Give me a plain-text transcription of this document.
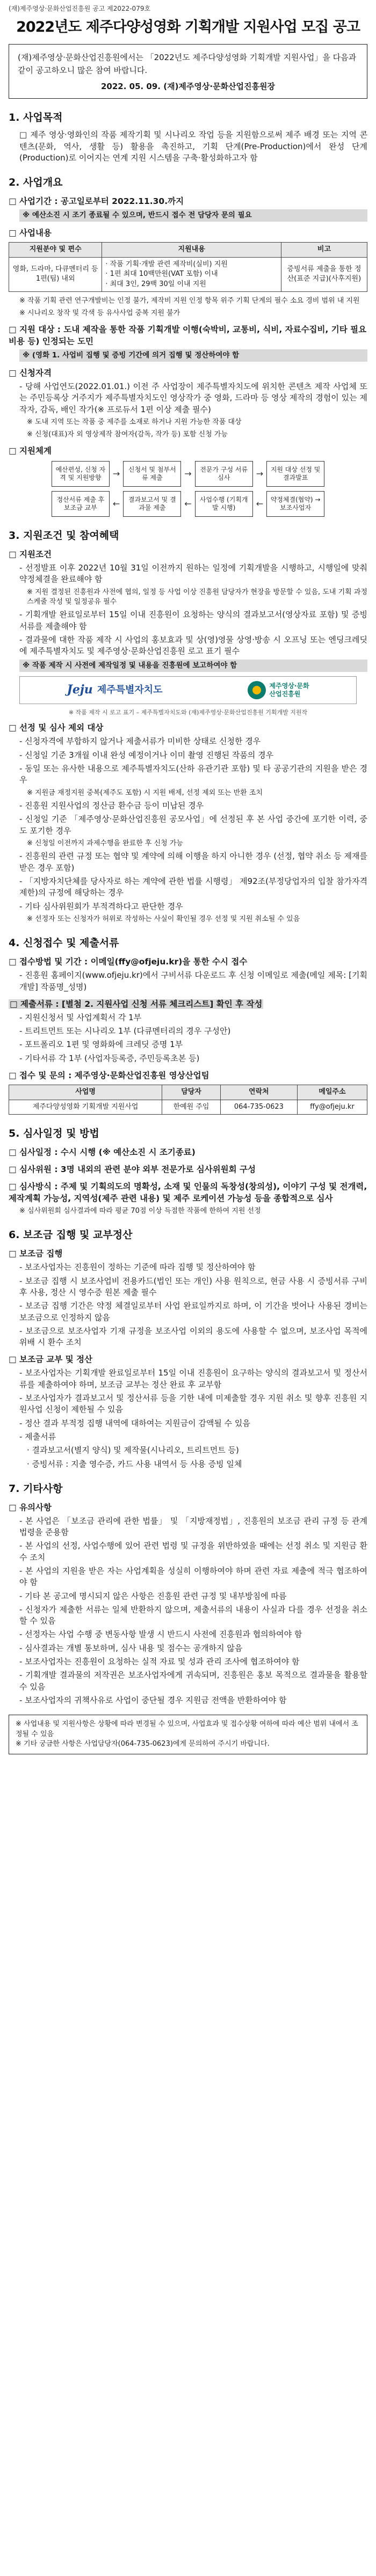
(재)제주영상·문화산업진흥원 공고 제2022-079호
2022년도 제주다양성영화 기획개발 지원사업 모집 공고
(재)제주영상·문화산업진흥원에서는 「2022년도 제주다양성영화 기획개발 지원사업」을 다음과 같이 공고하오니 많은 참여 바랍니다.
2022. 05. 09. (재)제주영상·문화산업진흥원장
1. 사업목적
□ 제주 영상·영화인의 작품 제작기획 및 시나리오 작업 등을 지원함으로써 제주 배경 또는 지역 콘텐츠(문화, 역사, 생활 등) 활용을 촉진하고, 기획 단계(Pre-Production)에서 완성 단계(Production)로 이어지는 연계 지원 시스템을 구축·활성화하고자 함
2. 사업개요
□ 사업기간 : 공고일로부터 2022.11.30.까지
※ 예산소진 시 조기 종료될 수 있으며, 반드시 접수 전 담당자 문의 필요
□ 사업내용
지원분야 및 편수	지원내용	비고
영화, 드라마, 다큐멘터리 등 1편(팀) 내외	· 작품 기획·개발 관련 제작비(실비) 지원
· 1편 최대 10백만원(VAT 포함) 이내
· 최대 3인, 29백 30일 이내 지원	증빙서류 제출을 통한 정산(표준 지급)(사후지원)
※ 작품 기획 관련 연구개발비는 인정 불가, 제작비 지원 인정 항목 위주 기획 단계의 필수 소요 경비 범위 내 지원
※ 시나리오 창작 및 각색 등 유사사업 중복 지원 불가
□ 지원 대상 : 도내 제작을 통한 작품 기획개발 이행(숙박비, 교통비, 식비, 자료수집비, 기타 필요비용 등) 인정되는 도민
※ (영화 1. 사업비 집행 및 증빙 기간에 의거 집행 및 정산하여야 함
□ 신청자격
- 당해 사업연도(2022.01.01.) 이전 주 사업장이 제주특별자치도에 위치한 콘텐츠 제작 사업체 또는 주민등록상 거주지가 제주특별자치도인 영상작가 중 영화, 드라마 등 영상 제작의 경험이 있는 제작자, 감독, 배인 작가(※ 프로듀서 1편 이상 제출 필수)
※ 도내 지역 또는 작품 중 제주를 소재로 하거나 지원 가능한 작품 대상
※ 신청(대표)자 외 영상제작 참여자(감독, 작가 등) 포함 신청 가능
□ 지원체계
예산편성, 신청 자격 및 지원방향	→	신청서 및 첨부서류 제출	→	전문가 구성 서류심사	→	지원 대상 선정 및 결과발표
정산서류 제출 후 보조금 교부	←	결과보고서 및 결과물 제출	←	사업수행 (기획개발 시행)	←	약정체결(협약) → 보조사업자
3. 지원조건 및 참여혜택
□ 지원조건
- 선정발표 이후 2022년 10월 31일 이전까지 원하는 일정에 기획개발을 시행하고, 시행일에 맞춰 약정체결을 완료해야 함
※ 지원 결정된 진흥원과 사전에 협의, 일정 등 사업 이상 진흥원 담당자가 현장을 방문할 수 있음, 도내 기획 과정 스케줄 작성 및 일정공유 필수
- 기획개발 완료일로부터 15일 이내 진흥원이 요청하는 양식의 결과보고서(영상자료 포함) 및 증빙서류를 제출해야 함
- 결과물에 대한 작품 제작 시 사업의 홍보효과 및 상(영)영물 상영·방송 시 오프닝 또는 엔딩크레딧에 제주특별자치도 및 제주영상·문화산업진흥원 로고 표기 필수
※ 작품 제작 시 사전에 제작일정 및 내용을 진흥원에 보고하여야 함
Jeju 제주특별자치도	제주영상·문화
산업진흥원
※ 작품 제작 시 로고 표기 – 제주특별자치도와 (재)제주영상·문화산업진흥원 기획개발 지원작
□ 선정 및 심사 제외 대상
- 신청자격에 부합하지 않거나 제출서류가 미비한 상태로 신청한 경우
- 신청일 기준 3개월 이내 완성 예정이거나 이미 촬영 진행된 작품의 경우
- 동일 또는 유사한 내용으로 제주특별자치도(산하 유관기관 포함) 및 타 공공기관의 지원을 받은 경우
※ 지원금 재정지원 중복(제주도 포함) 시 지원 배제, 선정 제외 또는 반환 조치
- 진흥원 지원사업의 정산금 환수금 등이 미납된 경우
- 신청일 기준 「제주영상·문화산업진흥원 공모사업」에 선정된 후 본 사업 중간에 포기한 이력, 중도 포기한 경우
※ 신청일 이전까지 과제수행을 완료한 후 신청 가능
- 진흥원의 관련 규정 또는 협약 및 계약에 의해 이행을 하지 아니한 경우 (선정, 협약 취소 등 제재를 받은 경우 포함)
- 「지방자치단체를 당사자로 하는 계약에 관한 법률 시행령」 제92조(부정당업자의 입찰 참가자격 제한)의 규정에 해당하는 경우
- 기타 심사위원회가 부적격하다고 판단한 경우
※ 선정자 또는 신청자가 허위로 작성하는 사실이 확인될 경우 선정 및 지원 취소될 수 있음
4. 신청접수 및 제출서류
□ 접수방법 및 기간 : 이메일(ffy@ofjeju.kr)을 통한 수시 접수
- 진흥원 홈페이지(www.ofjeju.kr)에서 구비서류 다운로드 후 신청 이메일로 제출(메일 제목: [기획개발] 작품명_성명)
□ 제출서류 : [별첨 2. 지원사업 신청 서류 체크리스트] 확인 후 작성
- 지원신청서 및 사업계획서 각 1부
- 트리트먼트 또는 시나리오 1부 (다큐멘터리의 경우 구성안)
- 포트폴리오 1편 및 영화화에 크레딧 증명 1부
- 기타서류 각 1부 (사업자등록증, 주민등록초본 등)
□ 접수 및 문의 : 제주영상·문화산업진흥원 영상산업팀
사업명	담당자	연락처	메일주소
제주다양성영화 기획개발 지원사업	한예원 주임	064-735-0623	ffy@ofjeju.kr
5. 심사일정 및 방법
□ 심사일정 : 수시 시행 (※ 예산소진 시 조기종료)
□ 심사위원 : 3명 내외의 관련 분야 외부 전문가로 심사위원회 구성
□ 심사방식 : 주제 및 기획의도의 명확성, 소재 및 인물의 독창성(창의성), 이야기 구성 및 전개력, 제작계획 가능성, 지역성(제주 관련 내용) 및 제주 로케이션 가능성 등을 종합적으로 심사
※ 심사위원회 심사결과에 따라 평균 70점 이상 득점한 작품에 한하여 지원 선정
6. 보조금 집행 및 교부정산
□ 보조금 집행
- 보조사업자는 진흥원이 정하는 기준에 따라 집행 및 정산하여야 함
- 보조금 집행 시 보조사업비 전용카드(법인 또는 개인) 사용 원칙으로, 현금 사용 시 증빙서류 구비 후 사용, 정산 시 영수증 원본 제출 필수
- 보조금 집행 기간은 약정 체결일로부터 사업 완료일까지로 하며, 이 기간을 벗어나 사용된 경비는 보조금으로 인정하지 않음
- 보조금으로 보조사업자 기재 규정을 보조사업 이외의 용도에 사용할 수 없으며, 보조사업 목적에 위배 시 환수 조치
□ 보조금 교부 및 정산
- 보조사업자는 기획개발 완료일로부터 15일 이내 진흥원이 요구하는 양식의 결과보고서 및 정산서류를 제출하여야 하며, 보조금 교부는 정산 완료 후 교부함
- 보조사업자가 결과보고서 및 정산서류 등을 기한 내에 미제출할 경우 지원 취소 및 향후 진흥원 지원사업 신청이 제한될 수 있음
- 정산 결과 부적정 집행 내역에 대하여는 지원금이 감액될 수 있음
- 제출서류
· 결과보고서(별지 양식) 및 제작물(시나리오, 트리트먼트 등)
· 증빙서류 : 지출 영수증, 카드 사용 내역서 등 사용 증빙 일체
7. 기타사항
□ 유의사항
- 본 사업은 「보조금 관리에 관한 법률」 및 「지방재정법」, 진흥원의 보조금 관리 규정 등 관계 법령을 준용함
- 본 사업의 선정, 사업수행에 있어 관련 법령 및 규정을 위반하였을 때에는 선정 취소 및 지원금 환수 조치
- 본 사업의 지원을 받은 자는 사업계획을 성실히 이행하여야 하며 관련 자료 제출에 적극 협조하여야 함
- 기타 본 공고에 명시되지 않은 사항은 진흥원 관련 규정 및 내부방침에 따름
- 신청자가 제출한 서류는 일체 반환하지 않으며, 제출서류의 내용이 사실과 다를 경우 선정을 취소할 수 있음
- 선정자는 사업 수행 중 변동사항 발생 시 반드시 사전에 진흥원과 협의하여야 함
- 심사결과는 개별 통보하며, 심사 내용 및 점수는 공개하지 않음
- 보조사업자는 진흥원이 요청하는 실적 자료 및 성과 관리 조사에 협조하여야 함
- 기획개발 결과물의 저작권은 보조사업자에게 귀속되며, 진흥원은 홍보 목적으로 결과물을 활용할 수 있음
- 보조사업자의 귀책사유로 사업이 중단될 경우 지원금 전액을 반환하여야 함
※ 사업내용 및 지원사항은 상황에 따라 변경될 수 있으며, 사업효과 및 접수상황 여하에 따라 예산 범위 내에서 조정될 수 있음
※ 기타 궁금한 사항은 사업담당자(064-735-0623)에게 문의하여 주시기 바랍니다.
